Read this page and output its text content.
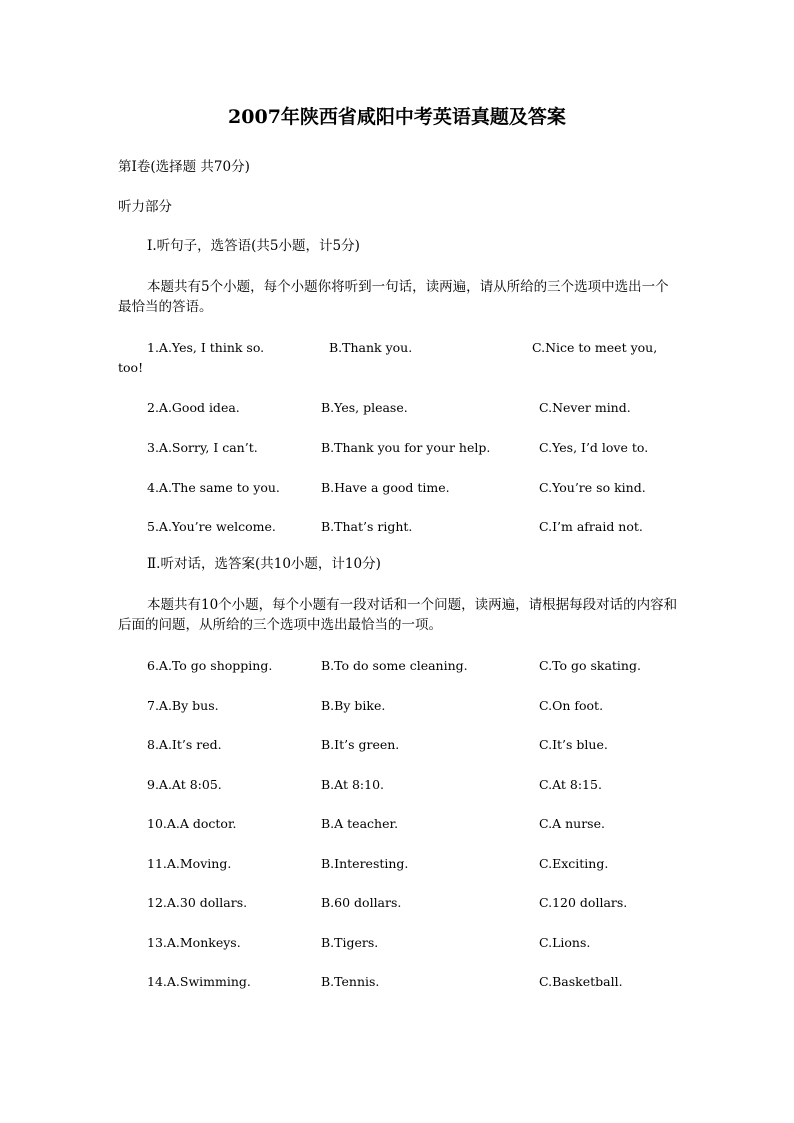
2007年陕西省咸阳中考英语真题及答案
第Ⅰ卷(选择题 共70分)
听力部分
Ⅰ.听句子，选答语(共5小题，计5分)
本题共有5个小题，每个小题你将听到一句话，读两遍，请从所给的三个选项中选出一个最恰当的答语。
1.A.Yes, I think so.	B.Thank you.	C.Nice to meet you,
too!
2.A.Good idea.	B.Yes, please.	C.Never mind.
3.A.Sorry, I can’t.	B.Thank you for your help.	C.Yes, I’d love to.
4.A.The same to you.	B.Have a good time.	C.You’re so kind.
5.A.You’re welcome.	B.That’s right.	C.I’m afraid not.
Ⅱ.听对话，选答案(共10小题，计10分)
本题共有10个小题，每个小题有一段对话和一个问题，读两遍，请根据每段对话的内容和后面的问题，从所给的三个选项中选出最恰当的一项。
6.A.To go shopping.	B.To do some cleaning.	C.To go skating.
7.A.By bus.	B.By bike.	C.On foot.
8.A.It’s red.	B.It’s green.	C.It’s blue.
9.A.At 8:05.	B.At 8:10.	C.At 8:15.
10.A.A doctor.	B.A teacher.	C.A nurse.
11.A.Moving.	B.Interesting.	C.Exciting.
12.A.30 dollars.	B.60 dollars.	C.120 dollars.
13.A.Monkeys.	B.Tigers.	C.Lions.
14.A.Swimming.	B.Tennis.	C.Basketball.
